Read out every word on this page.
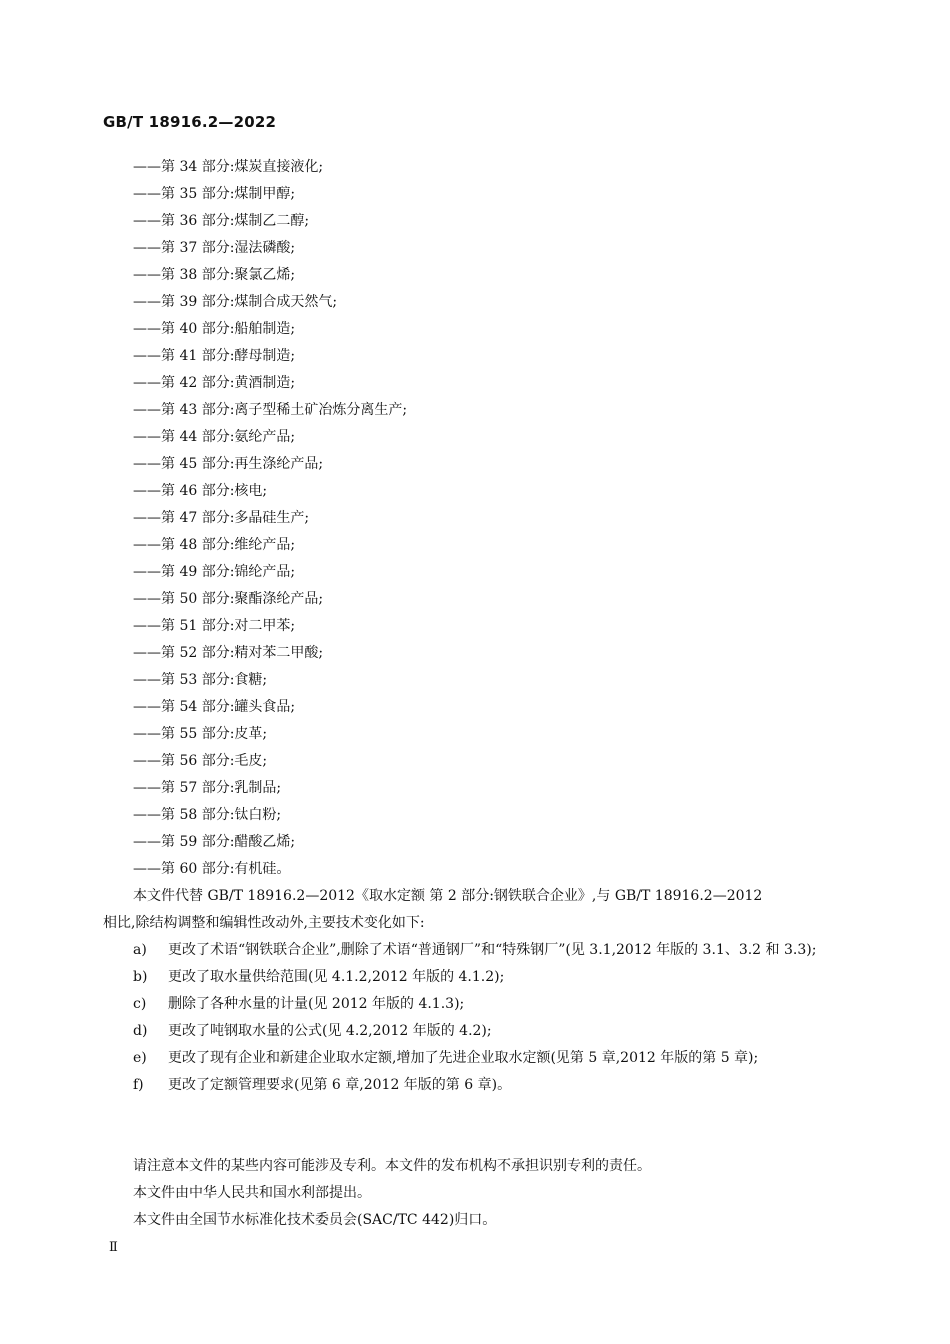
GB/T 18916.2—2022
——第 34 部分:煤炭直接液化;
——第 35 部分:煤制甲醇;
——第 36 部分:煤制乙二醇;
——第 37 部分:湿法磷酸;
——第 38 部分:聚氯乙烯;
——第 39 部分:煤制合成天然气;
——第 40 部分:船舶制造;
——第 41 部分:酵母制造;
——第 42 部分:黄酒制造;
——第 43 部分:离子型稀土矿冶炼分离生产;
——第 44 部分:氨纶产品;
——第 45 部分:再生涤纶产品;
——第 46 部分:核电;
——第 47 部分:多晶硅生产;
——第 48 部分:维纶产品;
——第 49 部分:锦纶产品;
——第 50 部分:聚酯涤纶产品;
——第 51 部分:对二甲苯;
——第 52 部分:精对苯二甲酸;
——第 53 部分:食糖;
——第 54 部分:罐头食品;
——第 55 部分:皮革;
——第 56 部分:毛皮;
——第 57 部分:乳制品;
——第 58 部分:钛白粉;
——第 59 部分:醋酸乙烯;
——第 60 部分:有机硅。
本文件代替 GB/T 18916.2—2012《取水定额 第 2 部分:钢铁联合企业》,与 GB/T 18916.2—2012
相比,除结构调整和编辑性改动外,主要技术变化如下:
a)	更改了术语“钢铁联合企业”,删除了术语“普通钢厂”和“特殊钢厂”(见 3.1,2012 年版的 3.1、3.2 和 3.3);
b)	更改了取水量供给范围(见 4.1.2,2012 年版的 4.1.2);
c)	删除了各种水量的计量(见 2012 年版的 4.1.3);
d)	更改了吨钢取水量的公式(见 4.2,2012 年版的 4.2);
e)	更改了现有企业和新建企业取水定额,增加了先进企业取水定额(见第 5 章,2012 年版的第 5 章);
f)	更改了定额管理要求(见第 6 章,2012 年版的第 6 章)。
请注意本文件的某些内容可能涉及专利。本文件的发布机构不承担识别专利的责任。
本文件由中华人民共和国水利部提出。
本文件由全国节水标准化技术委员会(SAC/TC 442)归口。
Ⅱ
